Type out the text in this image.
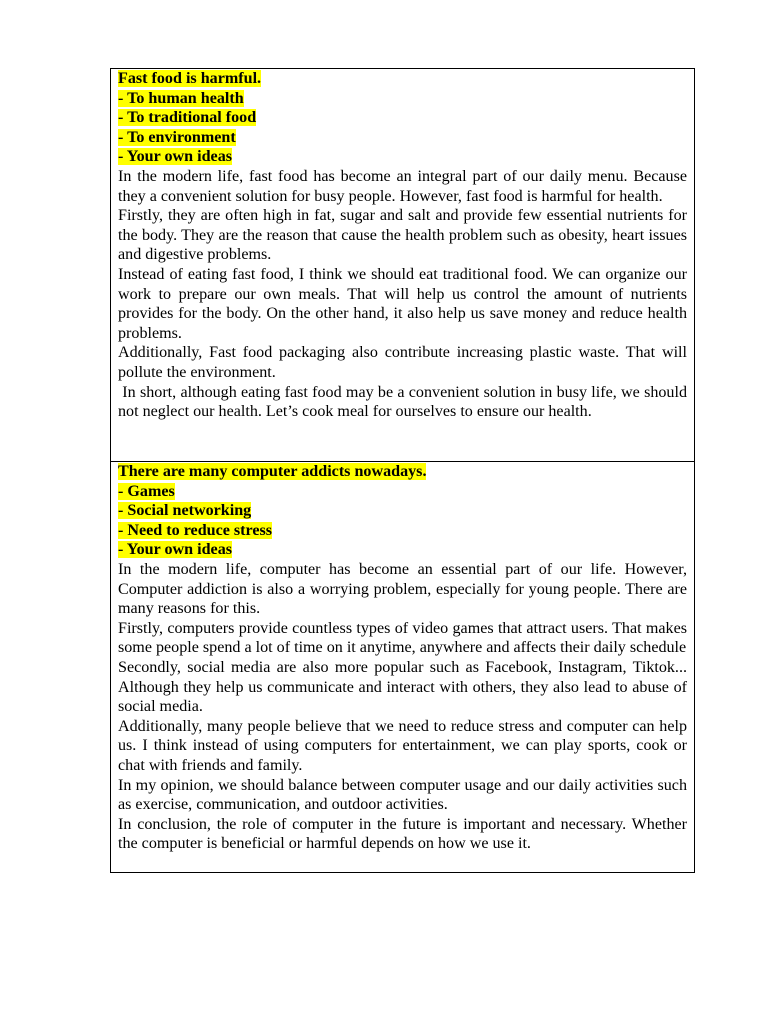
Fast food is harmful.
- To human health
- To traditional food
- To environment
- Your own ideas

In the modern life, fast food has become an integral part of our daily menu. Because they a convenient solution for busy people. However, fast food is harmful for health.

Firstly, they are often high in fat, sugar and salt and provide few essential nutrients for the body. They are the reason that cause the health problem such as obesity, heart issues and digestive problems.

Instead of eating fast food, I think we should eat traditional food. We can organize our work to prepare our own meals. That will help us control the amount of nutrients provides for the body. On the other hand, it also help us save money and reduce health problems.

Additionally, Fast food packaging also contribute increasing plastic waste. That will pollute the environment.

In short, although eating fast food may be a convenient solution in busy life, we should not neglect our health. Let’s cook meal for ourselves to ensure our health.

There are many computer addicts nowadays.
- Games
- Social networking
- Need to reduce stress
- Your own ideas

In the modern life, computer has become an essential part of our life. However, Computer addiction is also a worrying problem, especially for young people. There are many reasons for this.

Firstly, computers provide countless types of video games that attract users. That makes some people spend a lot of time on it anytime, anywhere and affects their daily schedule

Secondly, social media are also more popular such as Facebook, Instagram, Tiktok... Although they help us communicate and interact with others, they also lead to abuse of social media.

Additionally, many people believe that we need to reduce stress and computer can help us. I think instead of using computers for entertainment, we can play sports, cook or chat with friends and family.

In my opinion, we should balance between computer usage and our daily activities such as exercise, communication, and outdoor activities.

In conclusion, the role of computer in the future is important and necessary. Whether the computer is beneficial or harmful depends on how we use it.
